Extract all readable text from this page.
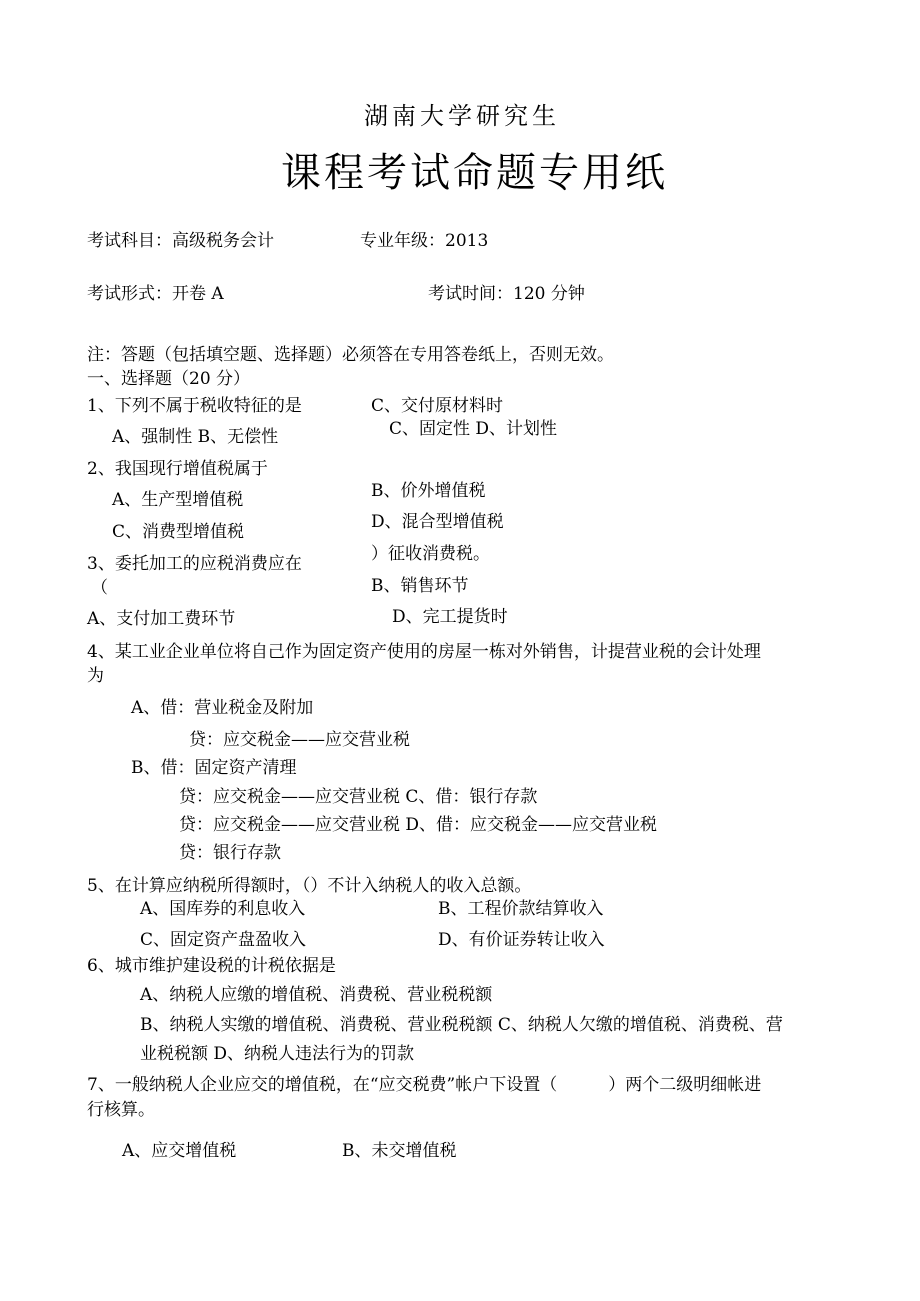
湖南大学研究生
课程考试命题专用纸
考试科目：高级税务会计	专业年级：2013
考试形式：开卷 A	考试时间：120 分钟
注：答题（包括填空题、选择题）必须答在专用答卷纸上，否则无效。
一、选择题（20 分）
1、下列不属于税收特征的是	C、交付原材料时
A、强制性 B、无偿性	C、固定性 D、计划性
2、我国现行增值税属于
A、生产型增值税	B、价外增值税
C、消费型增值税	D、混合型增值税
3、委托加工的应税消费应在
（
）征收消费税。
B、销售环节
A、支付加工费环节	D、完工提货时
4、某工业企业单位将自己作为固定资产使用的房屋一栋对外销售，计提营业税的会计处理
为
A、借：营业税金及附加
贷：应交税金——应交营业税
B、借：固定资产清理
贷：应交税金——应交营业税 C、借：银行存款
贷：应交税金——应交营业税 D、借：应交税金——应交营业税
贷：银行存款
5、在计算应纳税所得额时，（）不计入纳税人的收入总额。
A、国库券的利息收入	B、工程价款结算收入
C、固定资产盘盈收入	D、有价证券转让收入
6、城市维护建设税的计税依据是
A、纳税人应缴的增值税、消费税、营业税税额
B、纳税人实缴的增值税、消费税、营业税税额 C、纳税人欠缴的增值税、消费税、营
业税税额 D、纳税人违法行为的罚款
7、一般纳税人企业应交的增值税，在“应交税费”帐户下设置（　　　）两个二级明细帐进
行核算。
A、应交增值税	B、未交增值税
